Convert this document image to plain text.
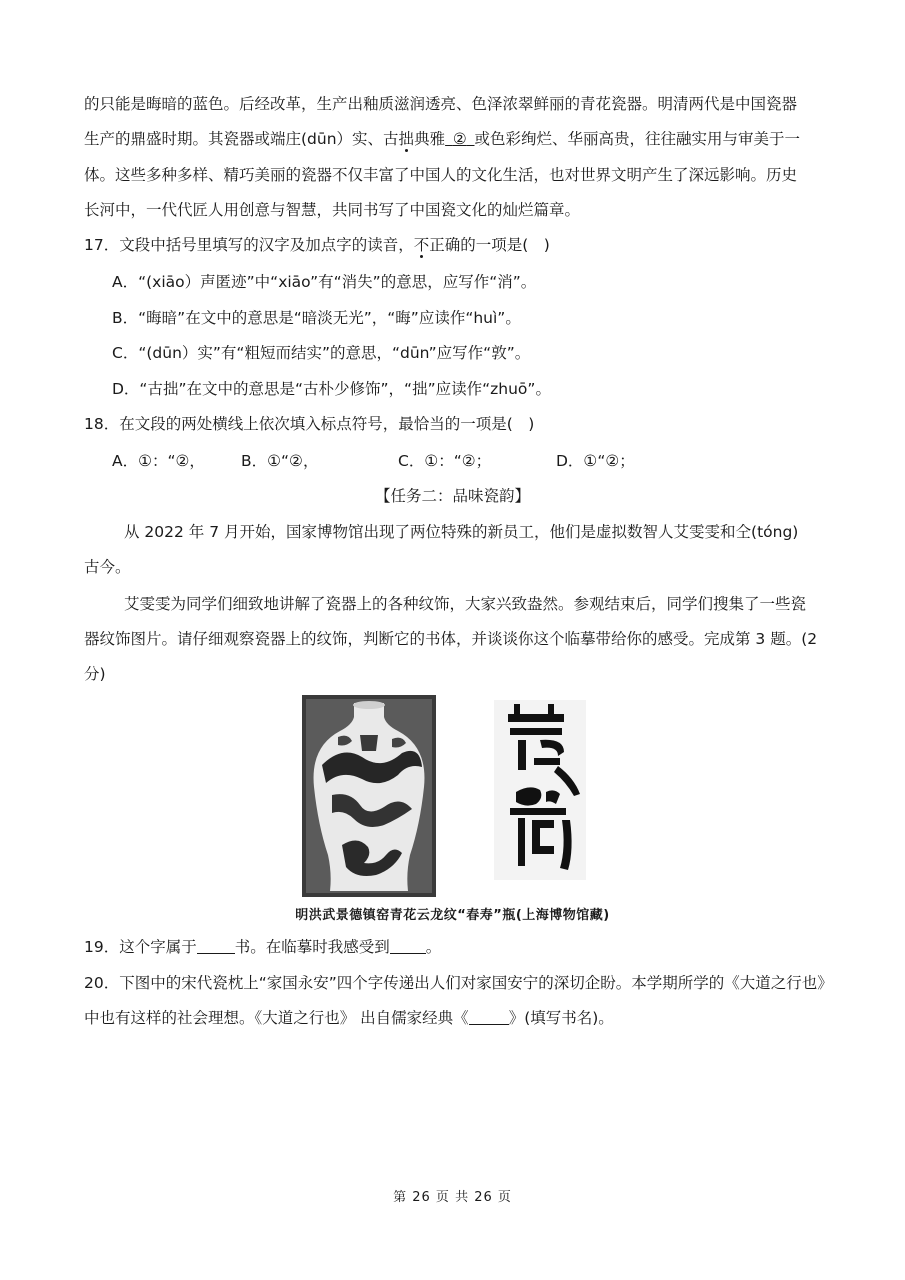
的只能是晦暗的蓝色。后经改革，生产出釉质滋润透亮、色泽浓翠鲜丽的青花瓷器。明清两代是中国瓷器
生产的鼎盛时期。其瓷器或端庄(dūn）实、古拙典雅  ②  或色彩绚烂、华丽高贵，往往融实用与审美于一
体。这些多种多样、精巧美丽的瓷器不仅丰富了中国人的文化生活，也对世界文明产生了深远影响。历史
长河中，一代代匠人用创意与智慧，共同书写了中国瓷文化的灿烂篇章。
17．文段中括号里填写的汉字及加点字的读音，不正确的一项是(　)
A．“(xiāo）声匿迹”中“xiāo”有“消失”的意思，应写作“消”。
B．“晦暗”在文中的意思是“暗淡无光”，“晦”应读作“huì”。
C．“(dūn）实”有“粗短而结实”的意思，“dūn”应写作“敦”。
D．“古拙”在文中的意思是“古朴少修饰”，“拙”应读作“zhuō”。
18．在文段的两处横线上依次填入标点符号，最恰当的一项是(　)
A．①：“②， B．①“②，	C．①：“②；	D．①“②；
【任务二：品味瓷韵】
从 2022 年 7 月开始，国家博物馆出现了两位特殊的新员工，他们是虚拟数智人艾雯雯和仝(tóng)
古今。
艾雯雯为同学们细致地讲解了瓷器上的各种纹饰，大家兴致盎然。参观结束后，同学们搜集了一些瓷
器纹饰图片。请仔细观察瓷器上的纹饰，判断它的书体，并谈谈你这个临摹带给你的感受。完成第 3 题。(2
分)
明洪武景德镇窑青花云龙纹“春寿”瓶(上海博物馆藏)
19．这个字属于 书。在临摹时我感受到 。
20．下图中的宋代瓷枕上“家国永安”四个字传递出人们对家国安宁的深切企盼。本学期所学的《大道之行也》
中也有这样的社会理想。《大道之行也》 出自儒家经典《	》(填写书名)。
第 26 页 共 26 页
